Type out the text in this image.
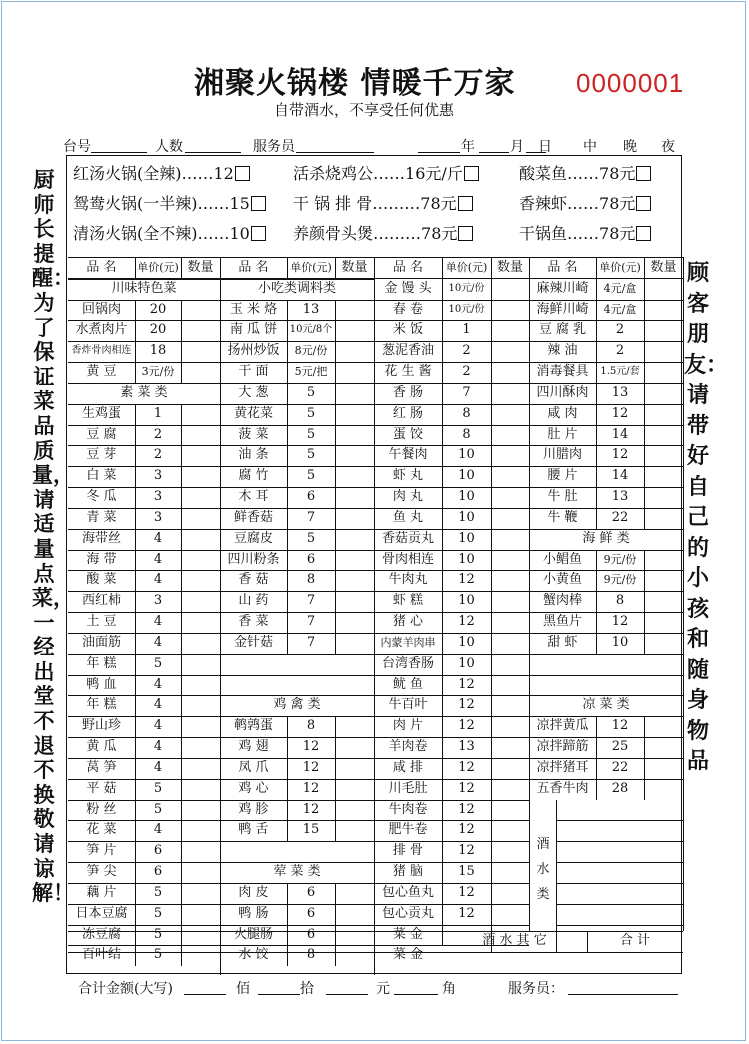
湘聚火锅楼 情暖千万家 0000001
自带酒水，不享受任何优惠
台号	人数	服务员	年	月 日 中 晚 夜
厨师长提醒：为了保证菜品质量，请适量点菜，一经出堂不退不换敬请谅解！
顾客朋友：请带好自己的小孩和随身物品
品 名	单价(元) 数量	品 名	单价(元) 数量	品 名	单价(元) 数量	品 名	单价(元) 数量
川味特色菜
回锅肉	20
水煮肉片	20
香炸骨肉相连	18
黄 豆	3元/份
素 菜 类
生鸡蛋	1
豆 腐	2
豆 芽	2
白 菜	3
冬 瓜	3
青 菜	3
海带丝	4
海 带	4
酸 菜	4
西红柿	3
土 豆	4
油面筋	4
年 糕	5
鸭 血	4
年 糕	4
野山珍	4
黄 瓜	4
莴 笋	4
平 菇	5
粉 丝	5
花 菜	4
笋 片	6
笋 尖	6
藕 片	5
日本豆腐	5
冻豆腐	5
百叶结	5
小吃类调料类
玉 米 烙	13
南 瓜 饼	10元/8个
扬州炒饭	8元/份
干 面	5元/把
大 葱	5
黄花菜	5
菠 菜	5
油 条	5
腐 竹	5
木 耳	6
鲜香菇	7
豆腐皮	5
四川粉条	6
香 菇	8
山 药	7
香 菜	7
金针菇	7
鸡 禽 类
鹌鹑蛋	8
鸡 翅	12
凤 爪	12
鸡 心	12
鸡 胗	12
鸭 舌	15
荤 菜 类
肉 皮	6
鸭 肠	6
火腿肠	6
水 饺	8
金 馒 头	10元/份
春 卷	10元/份
米 饭	1
葱泥香油	2
花 生 酱	2
香 肠	7
红 肠	8
蛋 饺	8
午餐肉	10
虾 丸	10
肉 丸	10
鱼 丸	10
香菇贡丸	10
骨肉相连	10
牛肉丸	12
虾 糕	10
猪 心	12
内蒙羊肉串	10
台湾香肠	10
鱿 鱼	12
牛百叶	12
肉 片	12
羊肉卷	13
咸 排	12
川毛肚	12
牛肉卷	12
肥牛卷	12
排 骨	12
猪 脑	15
包心鱼丸	12
包心贡丸	12
菜 金
菜 金
麻辣川崎	4元/盒
海鲜川崎	4元/盒
豆 腐 乳	2
辣 油	2
消毒餐具	1.5元/套
四川酥肉	13
咸 肉	12
肚 片	14
川腊肉	12
腰 片	14
牛 肚	13
牛 鞭	22
海 鲜 类
小鲳鱼	9元/份
小黄鱼	9元/份
蟹肉棒	8
黑鱼片	12
甜 虾	10
凉 菜 类
凉拌黄瓜	12
凉拌蹄筋	25
凉拌猪耳	22
五香牛肉	28
酒 水 其 它	合 计
红汤火锅(全辣)……12	活杀烧鸡公……16元/斤	酸菜鱼……78元
鸳鸯火锅(一半辣)……15	干 锅 排 骨………78元	香辣虾……78元
清汤火锅(全不辣)……10	养颜骨头煲………78元	干锅鱼……78元
酒水类
合计金额(大写)	佰	拾	元	角	服务员：
